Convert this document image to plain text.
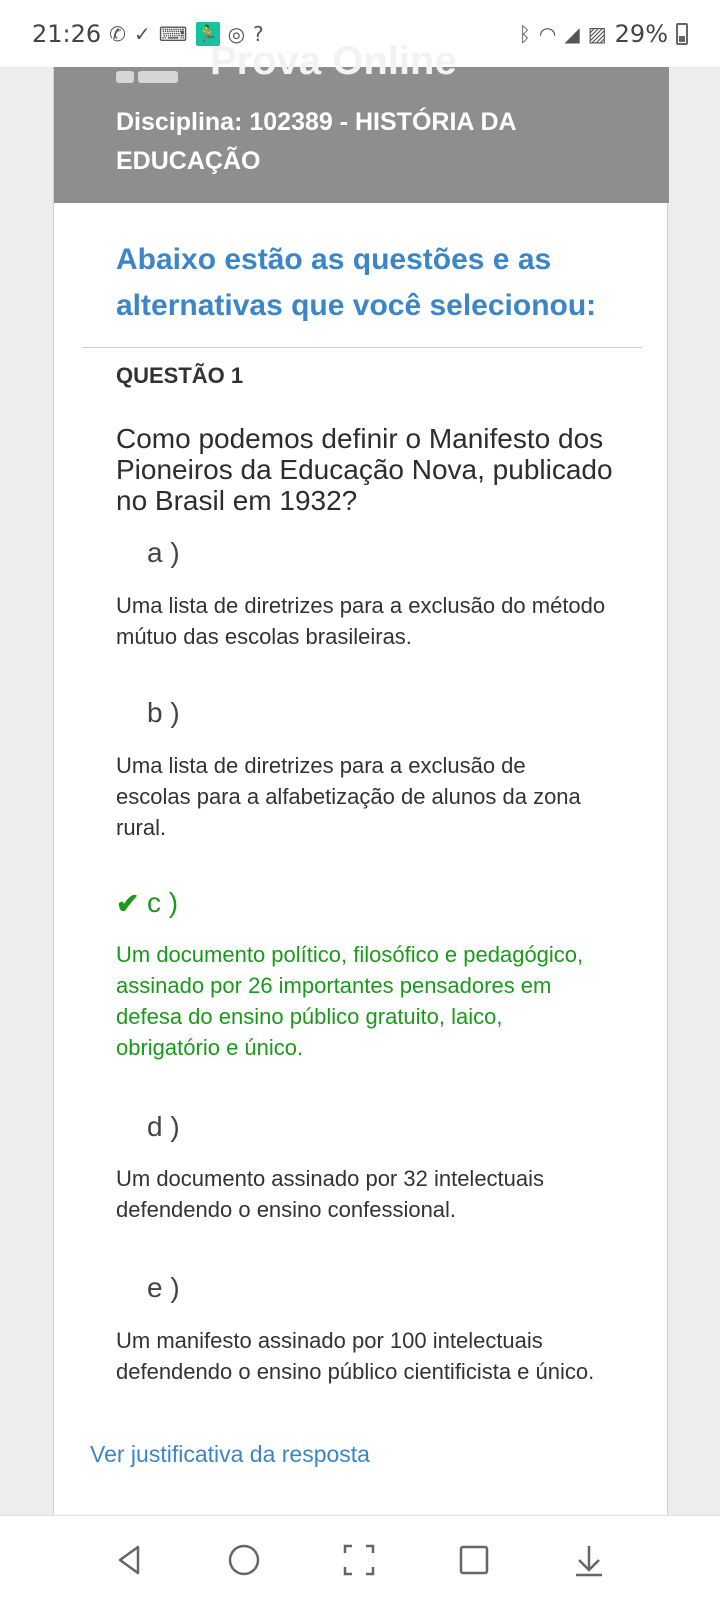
21:26 ✆ ✓ ⌨ 🏃 ◎ ?	ᛒ ◠ ◢ ▨ 29%
Prova Online
Disciplina: 102389 - HISTÓRIA DA EDUCAÇÃO
Abaixo estão as questões e as alternativas que você selecionou:
QUESTÃO 1
Como podemos definir o Manifesto dos Pioneiros da Educação Nova, publicado no Brasil em 1932?
a )
Uma lista de diretrizes para a exclusão do método mútuo das escolas brasileiras.
b )
Uma lista de diretrizes para a exclusão de escolas para a alfabetização de alunos da zona rural.
✔ c )
Um documento político, filosófico e pedagógico, assinado por 26 importantes pensadores em defesa do ensino público gratuito, laico, obrigatório e único.
d )
Um documento assinado por 32 intelectuais defendendo o ensino confessional.
e )
Um manifesto assinado por 100 intelectuais defendendo o ensino público cientificista e único.
Ver justificativa da resposta
